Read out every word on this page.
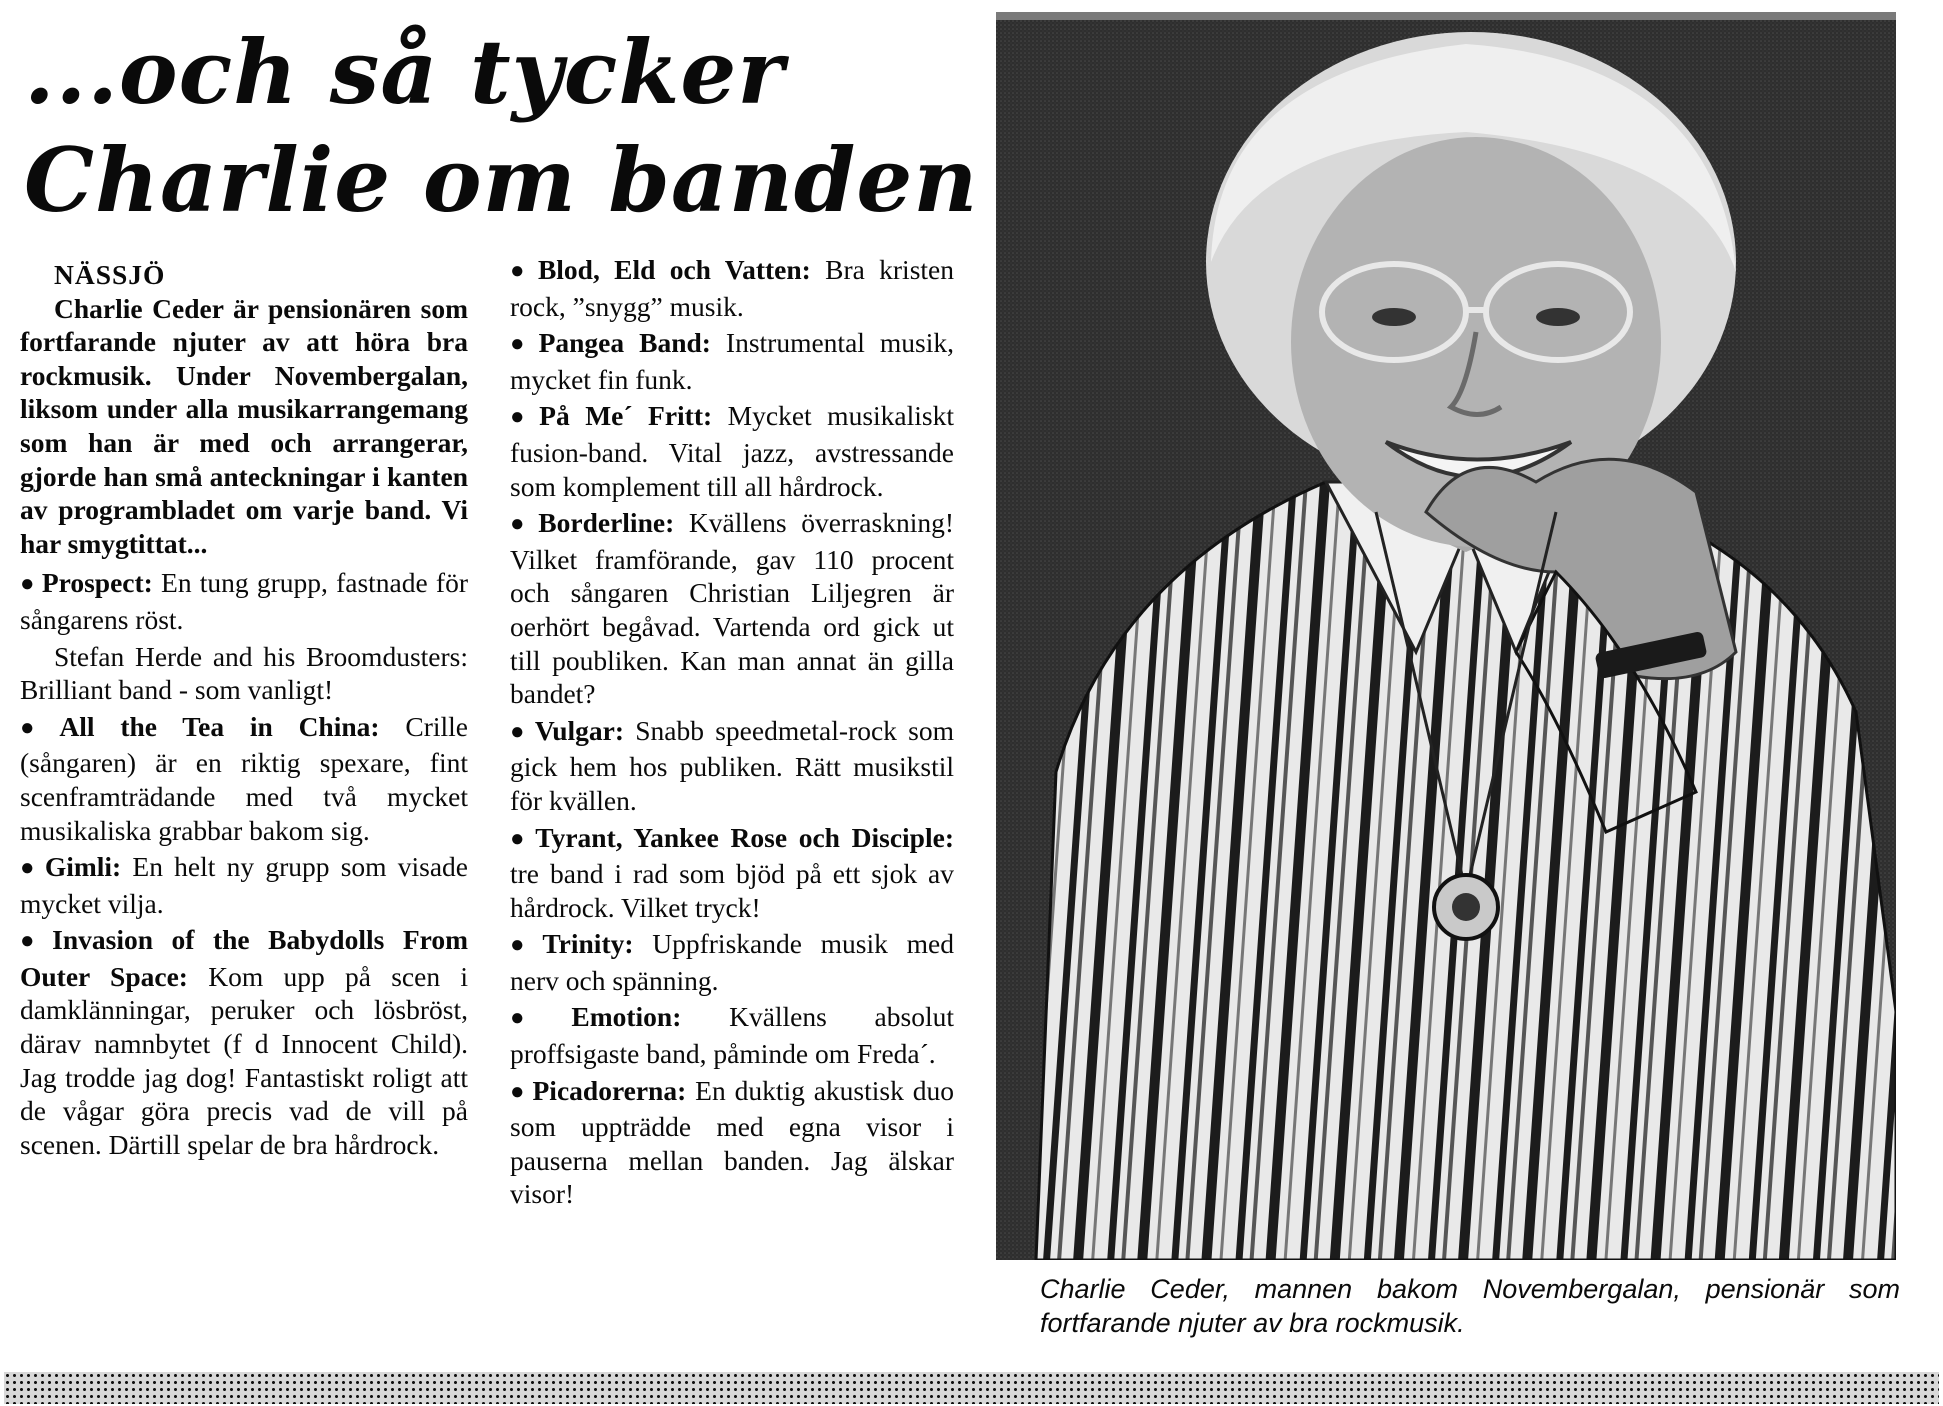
...och så tycker
Charlie om banden
NÄSSJÖ

Charlie Ceder är pensionären som fortfarande njuter av att höra bra rockmusik. Under Novembergalan, liksom under alla musikarrangemang som han är med och arrangerar, gjorde han små anteckningar i kanten av programbladet om varje band. Vi har smygtittat...

● Prospect: En tung grupp, fastnade för sångarens röst.

Stefan Herde and his Broomdusters: Brilliant band - som vanligt!

● All the Tea in China: Crille (sångaren) är en riktig spexare, fint scenframträdande med två mycket musikaliska grabbar bakom sig.

● Gimli: En helt ny grupp som visade mycket vilja.

● Invasion of the Babydolls From Outer Space: Kom upp på scen i damklänningar, peruker och lösbröst, därav namnbytet (f d Innocent Child). Jag trodde jag dog! Fantastiskt roligt att de vågar göra precis vad de vill på scenen. Därtill spelar de bra hårdrock.

● Blod, Eld och Vatten: Bra kristen rock, ”snygg” musik.

● Pangea Band: Instrumental musik, mycket fin funk.

● På Me´ Fritt: Mycket musikaliskt fusion-band. Vital jazz, avstressande som komplement till all hårdrock.

● Borderline: Kvällens överraskning! Vilket framförande, gav 110 procent och sångaren Christian Liljegren är oerhört begåvad. Vartenda ord gick ut till poubliken. Kan man annat än gilla bandet?

● Vulgar: Snabb speedmetal-rock som gick hem hos publiken. Rätt musikstil för kvällen.

● Tyrant, Yankee Rose och Disciple: tre band i rad som bjöd på ett sjok av hårdrock. Vilket tryck!

● Trinity: Uppfriskande musik med nerv och spänning.

● Emotion: Kvällens absolut proffsigaste band, påminde om Freda´.

● Picadorerna: En duktig akustisk duo som uppträdde med egna visor i pauserna mellan banden. Jag älskar visor!

Charlie Ceder, mannen bakom Novembergalan, pensionär som fortfarande njuter av bra rockmusik.
